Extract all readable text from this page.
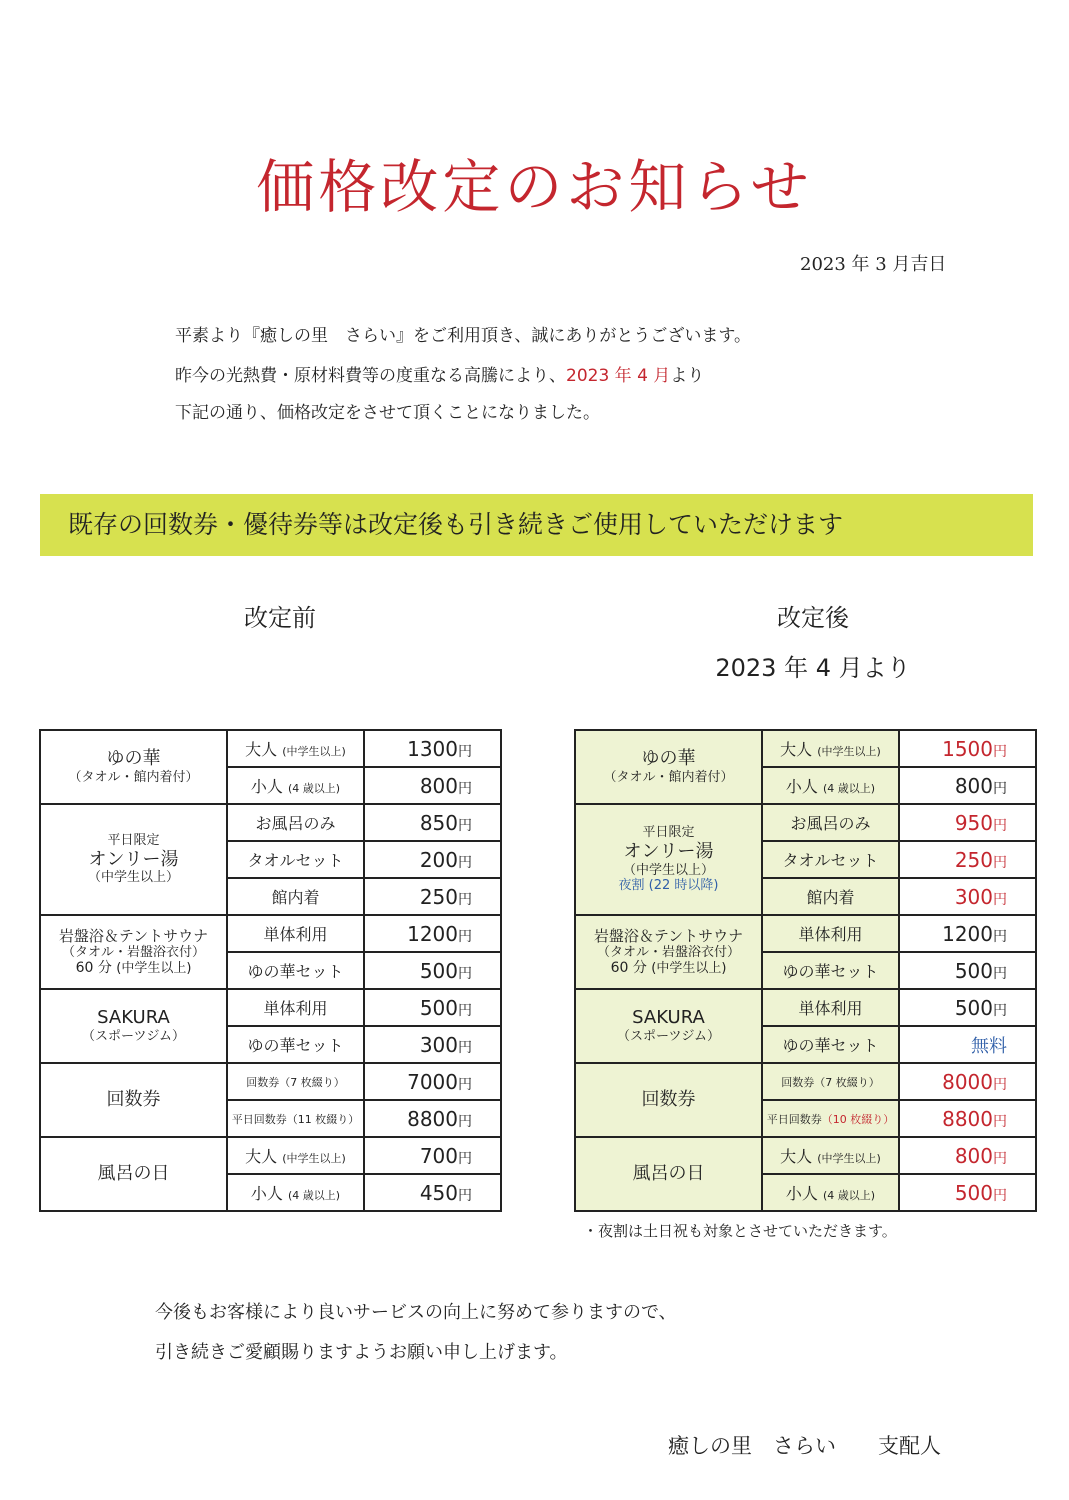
価格改定のお知らせ
2023 年 3 月吉日
平素より『癒しの里　さらい』をご利用頂き、誠にありがとうございます。
昨今の光熱費・原材料費等の度重なる高騰により、2023 年 4 月より
下記の通り、価格改定をさせて頂くことになりました。
既存の回数券・優待券等は改定後も引き続きご使用していただけます
改定前	改定後
2023 年 4 月より
ゆの華
（タオル・館内着付）	大人 (中学生以上)	1300円
	小人 (4 歳以上)	800円

平日限定
オンリー湯
（中学生以上）	お風呂のみ	850円
	タオルセット	200円
	館内着	250円

岩盤浴＆テントサウナ
（タオル・岩盤浴衣付）
60 分 (中学生以上)	単体利用	1200円
	ゆの華セット	500円

SAKURA
（スポーツジム）	単体利用	500円
	ゆの華セット	300円

回数券	回数券（7 枚綴り）	7000円
	平日回数券（11 枚綴り）	8800円

風呂の日	大人 (中学生以上)	700円
	小人 (4 歳以上)	450円
ゆの華
（タオル・館内着付）	大人 (中学生以上)	1500円
	小人 (4 歳以上)	800円

平日限定
オンリー湯
（中学生以上）
夜割 (22 時以降)	お風呂のみ	950円
	タオルセット	250円
	館内着	300円

岩盤浴＆テントサウナ
（タオル・岩盤浴衣付）
60 分 (中学生以上)	単体利用	1200円
	ゆの華セット	500円

SAKURA
（スポーツジム）	単体利用	500円
	ゆの華セット	無料

回数券	回数券（7 枚綴り）	8000円
	平日回数券（10 枚綴り）	8800円

風呂の日	大人 (中学生以上)	800円
	小人 (4 歳以上)	500円
・夜割は土日祝も対象とさせていただきます。
今後もお客様により良いサービスの向上に努めて参りますので、
引き続きご愛顧賜りますようお願い申し上げます。
癒しの里　さらい　　支配人
